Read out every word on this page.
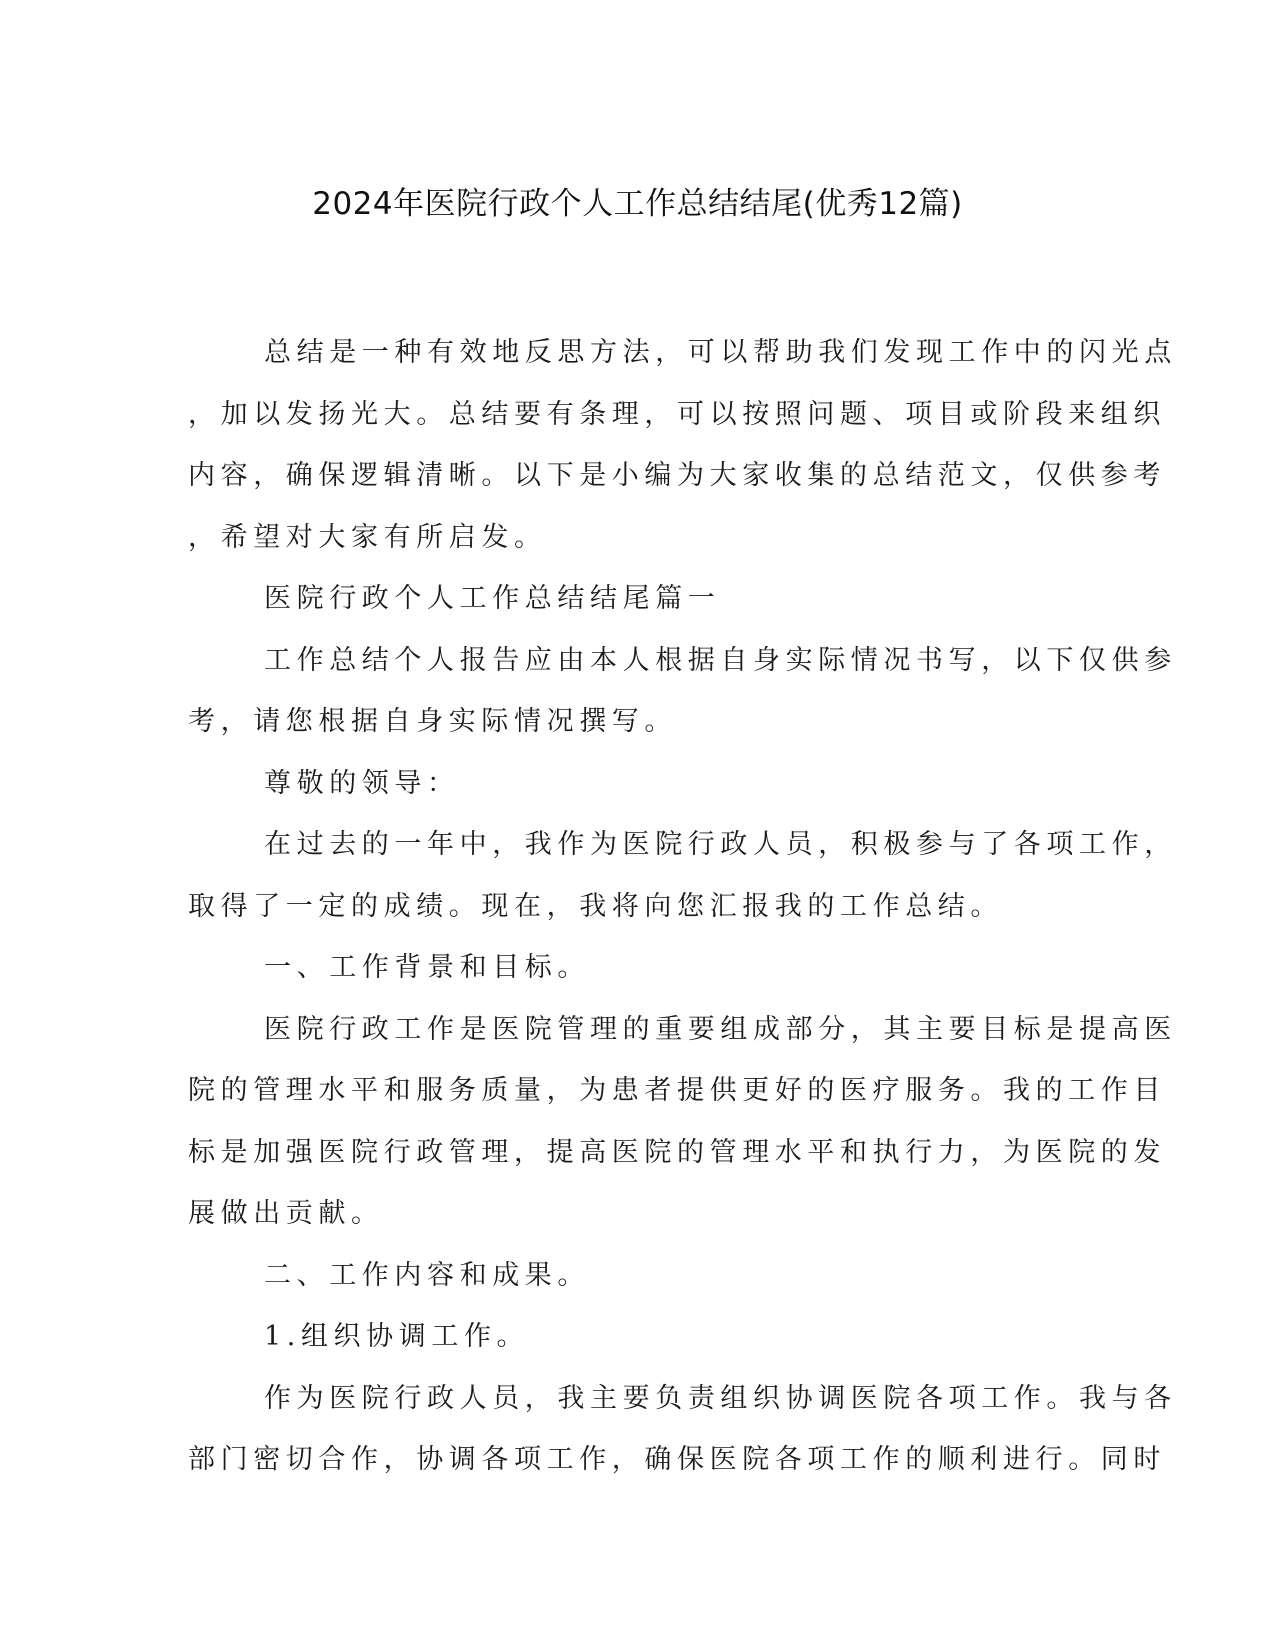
2024年医院行政个人工作总结结尾(优秀12篇)

总结是一种有效地反思方法，可以帮助我们发现工作中的闪光点

，加以发扬光大。总结要有条理，可以按照问题、项目或阶段来组织

内容，确保逻辑清晰。以下是小编为大家收集的总结范文，仅供参考

，希望对大家有所启发。

医院行政个人工作总结结尾篇一

工作总结个人报告应由本人根据自身实际情况书写，以下仅供参

考，请您根据自身实际情况撰写。

尊敬的领导：

在过去的一年中，我作为医院行政人员，积极参与了各项工作，

取得了一定的成绩。现在，我将向您汇报我的工作总结。

一、工作背景和目标。

医院行政工作是医院管理的重要组成部分，其主要目标是提高医

院的管理水平和服务质量，为患者提供更好的医疗服务。我的工作目

标是加强医院行政管理，提高医院的管理水平和执行力，为医院的发

展做出贡献。

二、工作内容和成果。

1.组织协调工作。

作为医院行政人员，我主要负责组织协调医院各项工作。我与各

部门密切合作，协调各项工作，确保医院各项工作的顺利进行。同时
